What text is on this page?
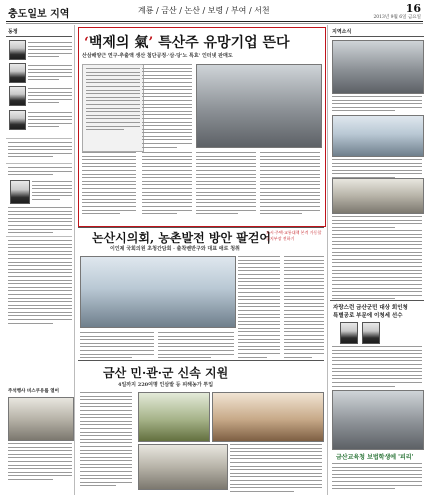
충도일보 지역	계룡 / 금산 / 논산 / 보령 / 부여 / 서천	16
2013년 9월 6일 금요일
동정
주석행사 비스쿠유를 열어
‘백제의 氣’ 특산주 유망기업 뜬다
산삼배양근 연구·추출액 생산 첨단공정·'삼·당'노 특효' 인터넷 판매도
논산시의회, 농촌발전 방안 팔걷어
이인제 국회의원 초청간담회 · 출착벤반구와 대표 애로 청취
금산 민·관·군 신속 지원
4일까지 220여명 인삼밭 등 피해농가 투입
지역소식
도시·주택·교통대책 본격 가동할
군지부장 전하기
자랑스런 금산군민 대상 회인청
특별공로 부문에 이청세 선수
금산교육청 보법학생에 '피리'
